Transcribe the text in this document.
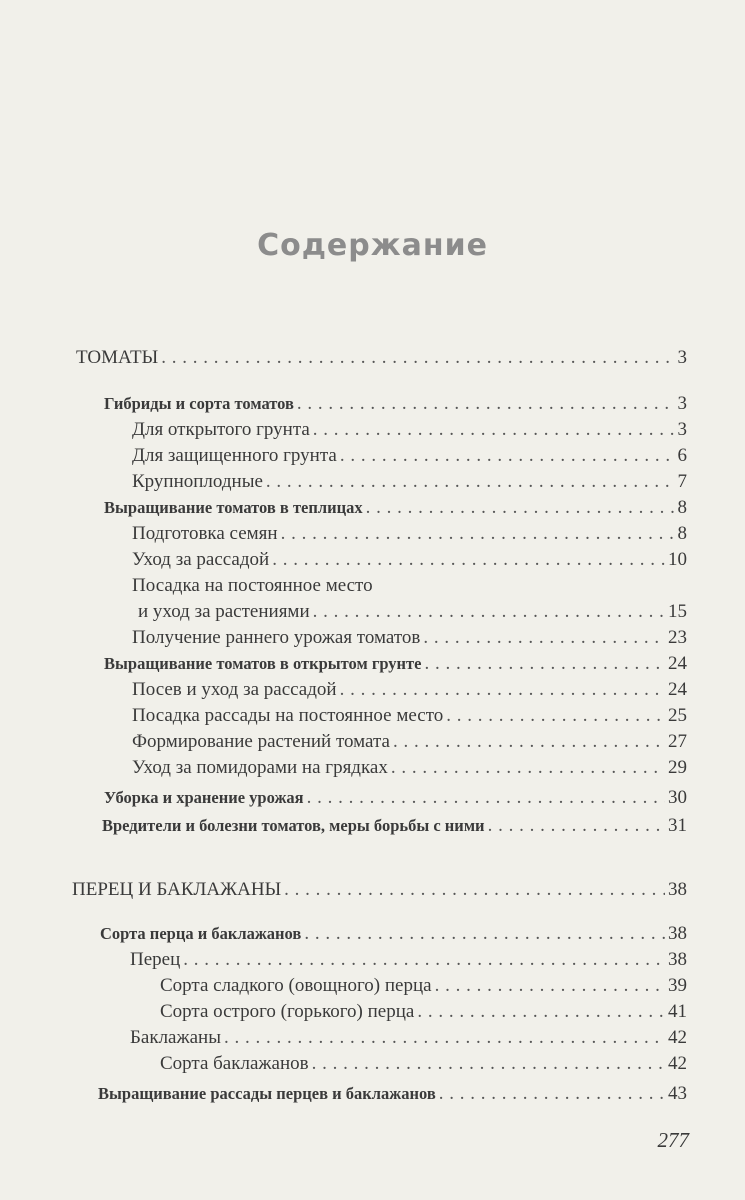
Содержание
ТОМАТЫ . . .	3
Гибриды и сорта томатов . . .	3
Для открытого грунта . . .	3
Для защищенного грунта . . .	6
Крупноплодные . . .	7
Выращивание томатов в теплицах . . .	8
Подготовка семян . . .	8
Уход за рассадой . . .	10
Посадка на постоянное место
и уход за растениями . . .	15
Получение раннего урожая томатов . . .	23
Выращивание томатов в открытом грунте . . .	24
Посев и уход за рассадой . . .	24
Посадка рассады на постоянное место . . .	25
Формирование растений томата . . .	27
Уход за помидорами на грядках . . .	29
Уборка и хранение урожая . . .	30
Вредители и болезни томатов, меры борьбы с ними . . .	31
ПЕРЕЦ И БАКЛАЖАНЫ . . .	38
Сорта перца и баклажанов . . .	38
Перец . . .	38
Сорта сладкого (овощного) перца . . .	39
Сорта острого (горького) перца . . .	41
Баклажаны . . .	42
Сорта баклажанов . . .	42
Выращивание рассады перцев и баклажанов . . .	43
277
